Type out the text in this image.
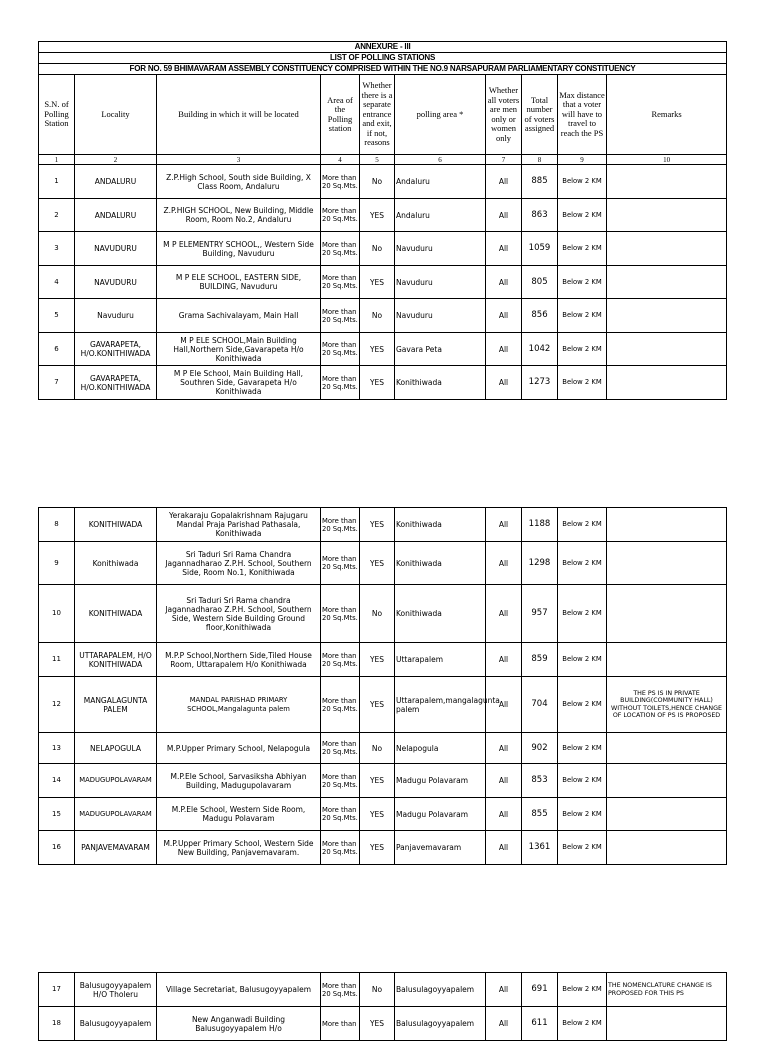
ANNEXURE - III									
LIST OF POLLING STATIONS									
FOR NO. 59 BHIMAVARAM ASSEMBLY CONSTITUENCY COMPRISED WITHIN THE NO.9 NARSAPURAM PARLIAMENTARY CONSTITUENCY									
S.N. of Polling Station	Locality	Building in which it will be located	Area of the Polling station	Whether there is a separate entrance and exit, if not, reasons	polling area *	Whether all voters are men only or women only	Total number of voters assigned	Max distance that a voter will have to travel to reach the PS	Remarks
1	2	3	4	5	6	7	8	9	10
1	ANDALURU	Z.P.High School, South side Building, X Class Room, Andaluru	More than 20 Sq.Mts.	No	Andaluru	All	885	Below 2 KM	
2	ANDALURU	Z.P.HIGH SCHOOL, New Building, Middle Room, Room No.2, Andaluru	More than 20 Sq.Mts.	YES	Andaluru	All	863	Below 2 KM	
3	NAVUDURU	M P ELEMENTRY SCHOOL,, Western Side Building, Navuduru	More than 20 Sq.Mts.	No	Navuduru	All	1059	Below 2 KM	
4	NAVUDURU	M P ELE SCHOOL, EASTERN SIDE, BUILDING, Navuduru	More than 20 Sq.Mts.	YES	Navuduru	All	805	Below 2 KM	
5	Navuduru	Grama Sachivalayam, Main Hall	More than 20 Sq.Mts.	No	Navuduru	All	856	Below 2 KM	
6	GAVARAPETA, H/O.KONITHIWADA	M P ELE SCHOOL,Main Building Hall,Northern Side,Gavarapeta H/o Konithiwada	More than 20 Sq.Mts.	YES	Gavara Peta	All	1042	Below 2 KM	
7	GAVARAPETA, H/O.KONITHIWADA	M P Ele School, Main Building Hall, Southren Side, Gavarapeta H/o Konithiwada	More than 20 Sq.Mts.	YES	Konithiwada	All	1273	Below 2 KM	
8	KONITHIWADA	Yerakaraju Gopalakrishnam Rajugaru Mandal Praja Parishad Pathasala, Konithiwada	More than 20 Sq.Mts.	YES	Konithiwada	All	1188	Below 2 KM	
9	Konithiwada	Sri Taduri Sri Rama Chandra Jagannadharao Z.P.H. School, Southern Side, Room No.1, Konithiwada	More than 20 Sq.Mts.	YES	Konithiwada	All	1298	Below 2 KM	
10	KONITHIWADA	Sri Taduri Sri Rama chandra Jagannadharao Z.P.H. School, Southern Side, Western Side Building Ground floor,Konithiwada	More than 20 Sq.Mts.	No	Konithiwada	All	957	Below 2 KM	
11	UTTARAPALEM, H/O KONITHIWADA	M.P.P School,Northern Side,Tiled House Room, Uttarapalem H/o Konithiwada	More than 20 Sq.Mts.	YES	Uttarapalem	All	859	Below 2 KM	
12	MANGALAGUNTA PALEM	MANDAL PARISHAD PRIMARY SCHOOL,Mangalagunta palem	More than 20 Sq.Mts.	YES	Uttarapalem,mangalagunta palem	All	704	Below 2 KM	THE PS IS IN PRIVATE BUILDING(COMMUNITY HALL) WITHOUT TOILETS,HENCE CHANGE OF LOCATION OF PS IS PROPOSED
13	NELAPOGULA	M.P.Upper Primary School, Nelapogula	More than 20 Sq.Mts.	No	Nelapogula	All	902	Below 2 KM	
14	MADUGUPOLAVARAM	M.P.Ele School, Sarvasiksha Abhiyan Building, Madugupolavaram	More than 20 Sq.Mts.	YES	Madugu Polavaram	All	853	Below 2 KM	
15	MADUGUPOLAVARAM	M.P.Ele School, Western Side Room, Madugu Polavaram	More than 20 Sq.Mts.	YES	Madugu Polavaram	All	855	Below 2 KM	
16	PANJAVEMAVARAM	M.P.Upper Primary School, Western Side New Building, Panjavemavaram.	More than 20 Sq.Mts.	YES	Panjavemavaram	All	1361	Below 2 KM	
17	Balusugoyyapalem H/O Tholeru	Village Secretariat, Balusugoyyapalem	More than 20 Sq.Mts.	No	Balusulagoyyapalem	All	691	Below 2 KM	THE NOMENCLATURE CHANGE IS PROPOSED FOR THIS PS
18	Balusugoyyapalem	New Anganwadi Building Balusugoyyapalem H/o	More than	YES	Balusulagoyyapalem	All	611	Below 2 KM	
